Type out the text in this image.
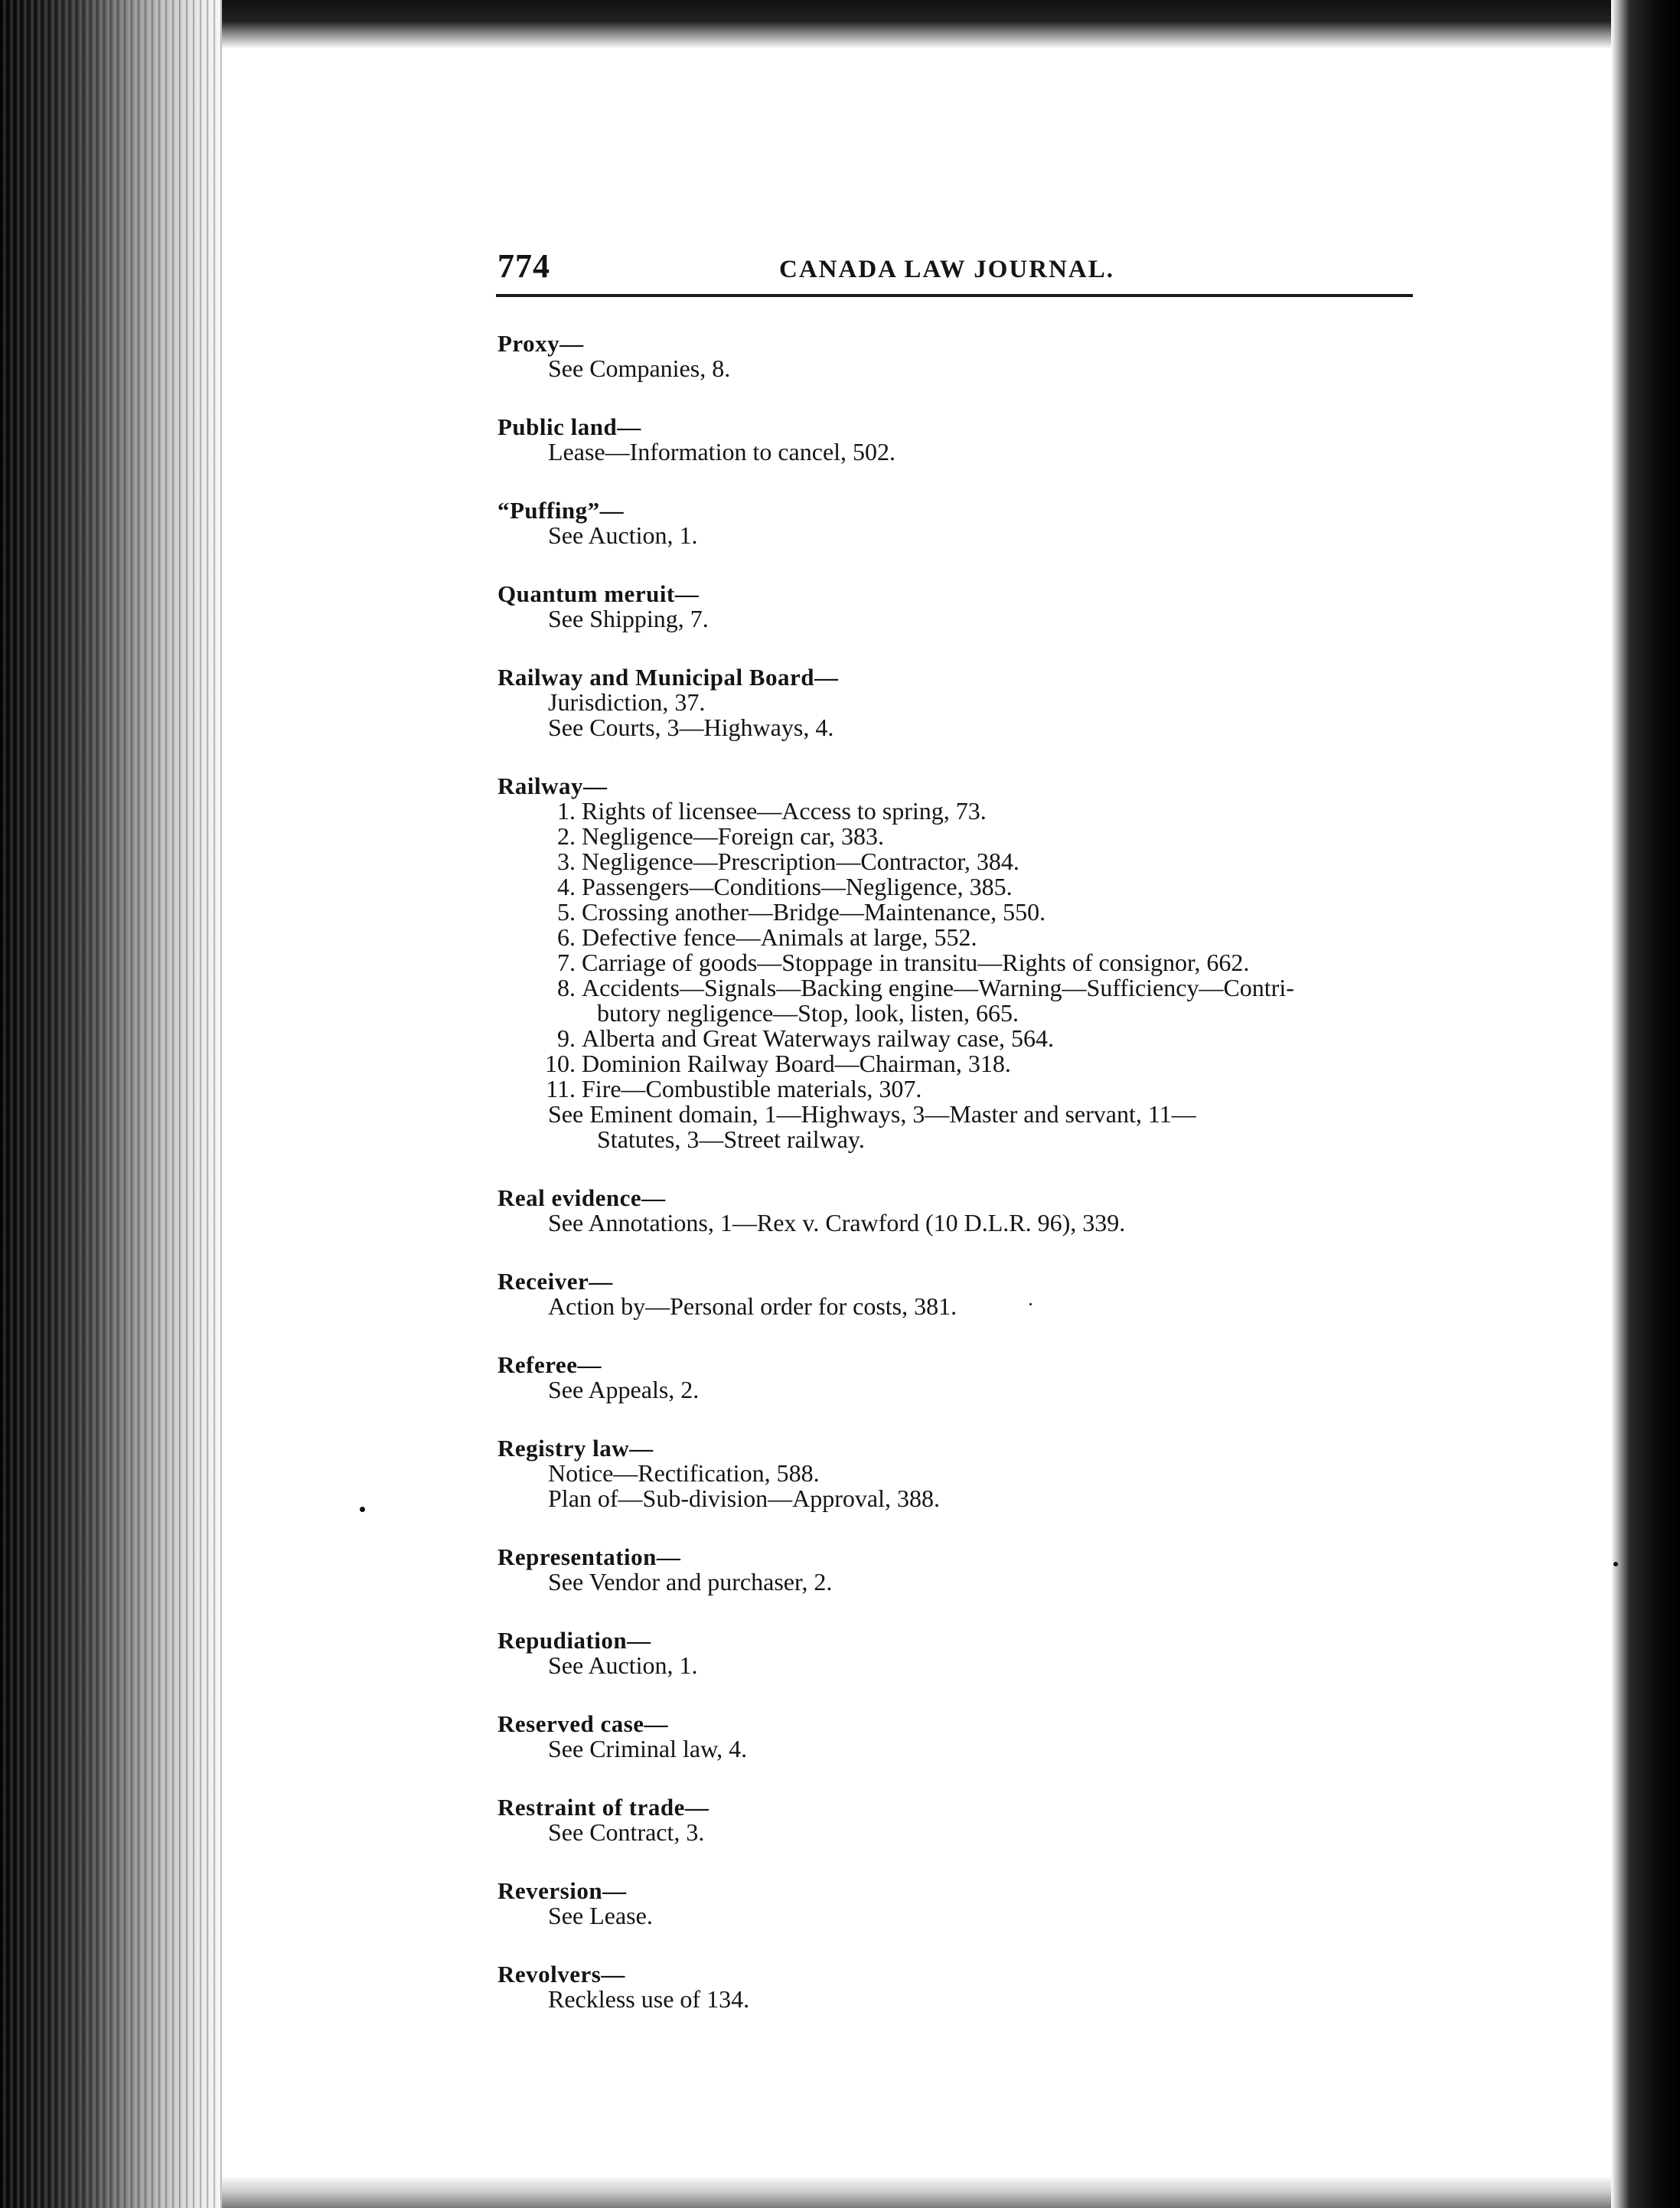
774	CANADA LAW JOURNAL.
Proxy—
See Companies, 8.
Public land—
Lease—Information to cancel, 502.
“Puffing”—
See Auction, 1.
Quantum meruit—
See Shipping, 7.
Railway and Municipal Board—
Jurisdiction, 37.
See Courts, 3—Highways, 4.
Railway—
1. Rights of licensee—Access to spring, 73.
2. Negligence—Foreign car, 383.
3. Negligence—Prescription—Contractor, 384.
4. Passengers—Conditions—Negligence, 385.
5. Crossing another—Bridge—Maintenance, 550.
6. Defective fence—Animals at large, 552.
7. Carriage of goods—Stoppage in transitu—Rights of consignor, 662.
8. Accidents—Signals—Backing engine—Warning—Sufficiency—Contri-
butory negligence—Stop, look, listen, 665.
9. Alberta and Great Waterways railway case, 564.
10. Dominion Railway Board—Chairman, 318.
11. Fire—Combustible materials, 307.
See Eminent domain, 1—Highways, 3—Master and servant, 11—
Statutes, 3—Street railway.
Real evidence—
See Annotations, 1—Rex v. Crawford (10 D.L.R. 96), 339.
Receiver—
Action by—Personal order for costs, 381.
Referee—
See Appeals, 2.
Registry law—
Notice—Rectification, 588.
Plan of—Sub-division—Approval, 388.
Representation—
See Vendor and purchaser, 2.
Repudiation—
See Auction, 1.
Reserved case—
See Criminal law, 4.
Restraint of trade—
See Contract, 3.
Reversion—
See Lease.
Revolvers—
Reckless use of 134.
